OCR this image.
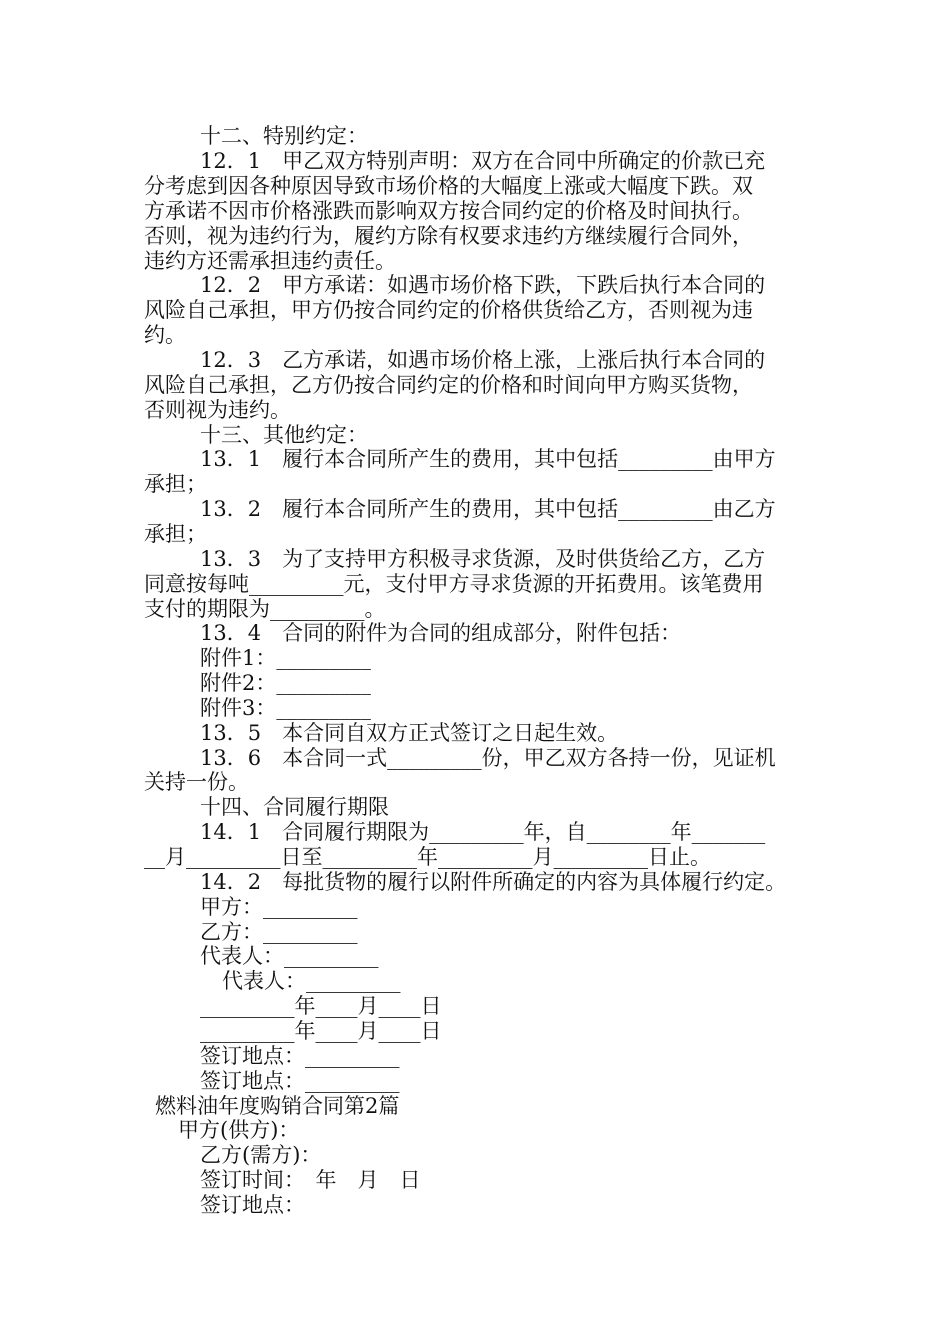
十二、特别约定：
12．1　甲乙双方特别声明：双方在合同中所确定的价款已充
分考虑到因各种原因导致市场价格的大幅度上涨或大幅度下跌。双
方承诺不因市价格涨跌而影响双方按合同约定的价格及时间执行。
否则，视为违约行为，履约方除有权要求违约方继续履行合同外，
违约方还需承担违约责任。
12．2　甲方承诺：如遇市场价格下跌，下跌后执行本合同的
风险自己承担，甲方仍按合同约定的价格供货给乙方，否则视为违
约。
12．3　乙方承诺，如遇市场价格上涨，上涨后执行本合同的
风险自己承担，乙方仍按合同约定的价格和时间向甲方购买货物，
否则视为违约。
十三、其他约定：
13．1　履行本合同所产生的费用，其中包括_________由甲方
承担；
13．2　履行本合同所产生的费用，其中包括_________由乙方
承担；
13．3　为了支持甲方积极寻求货源，及时供货给乙方，乙方
同意按每吨_________元，支付甲方寻求货源的开拓费用。该笔费用
支付的期限为_________。
13．4　合同的附件为合同的组成部分，附件包括：
附件1：_________
附件2：_________
附件3：_________
13．5　本合同自双方正式签订之日起生效。
13．6　本合同一式_________份，甲乙双方各持一份，见证机
关持一份。
十四、合同履行期限
14．1　合同履行期限为_________年，自________年_______
__月_________日至_________年_________月_________日止。
14．2　每批货物的履行以附件所确定的内容为具体履行约定。
甲方：_________
乙方：_________
代表人：_________
代表人：_________
_________年____月____日
_________年____月____日
签订地点：_________
签订地点：_________
燃料油年度购销合同第2篇
甲方(供方)：
乙方(需方)：
签订时间：　年　月　日
签订地点：
